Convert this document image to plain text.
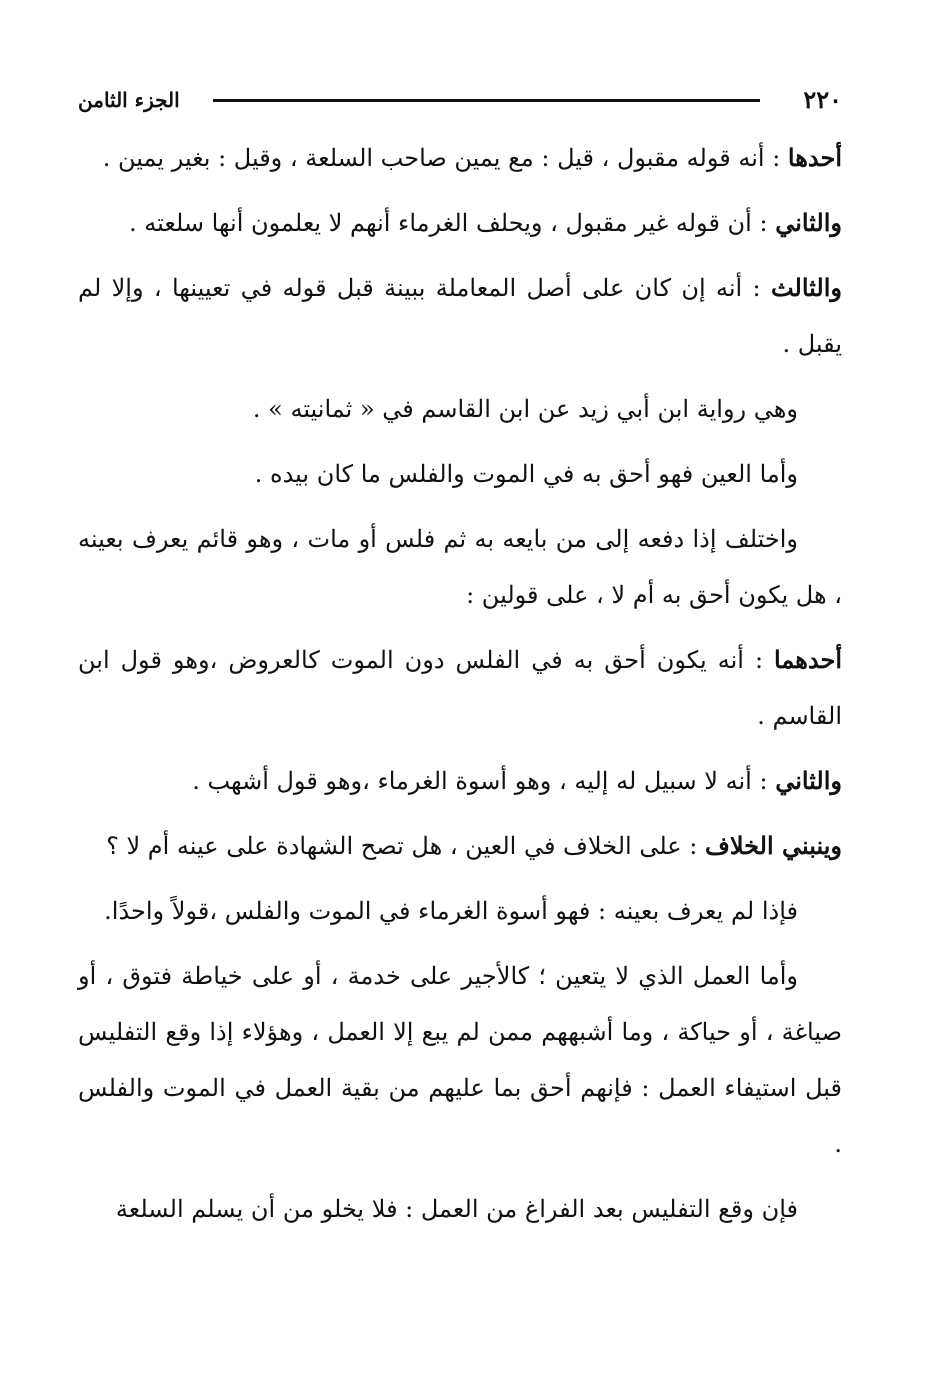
٢٢٠
الجزء الثامن

أحدها : أنه قوله مقبول ، قيل : مع يمين صاحب السلعة ، وقيل : بغير يمين .

والثاني : أن قوله غير مقبول ، ويحلف الغرماء أنهم لا يعلمون أنها سلعته .

والثالث : أنه إن كان على أصل المعاملة ببينة قبل قوله في تعيينها ، وإلا لم يقبل .

وهي رواية ابن أبي زيد عن ابن القاسم في « ثمانيته » .

وأما العين فهو أحق به في الموت والفلس ما كان بيده .

واختلف إذا دفعه إلى من بايعه به ثم فلس أو مات ، وهو قائم يعرف بعينه ، هل يكون أحق به أم لا ، على قولين :

أحدهما : أنه يكون أحق به في الفلس دون الموت كالعروض ،وهو قول ابن القاسم .

والثاني : أنه لا سبيل له إليه ، وهو أسوة الغرماء ،وهو قول أشهب .

وينبني الخلاف : على الخلاف في العين ، هل تصح الشهادة على عينه أم لا ؟

فإذا لم يعرف بعينه : فهو أسوة الغرماء في الموت والفلس ،قولاً واحدًا.

وأما العمل الذي لا يتعين ؛ كالأجير على خدمة ، أو على خياطة فتوق ، أو صياغة ، أو حياكة ، وما أشبههم ممن لم يبع إلا العمل ، وهؤلاء إذا وقع التفليس قبل استيفاء العمل : فإنهم أحق بما عليهم من بقية العمل في الموت والفلس .

فإن وقع التفليس بعد الفراغ من العمل : فلا يخلو من أن يسلم السلعة
